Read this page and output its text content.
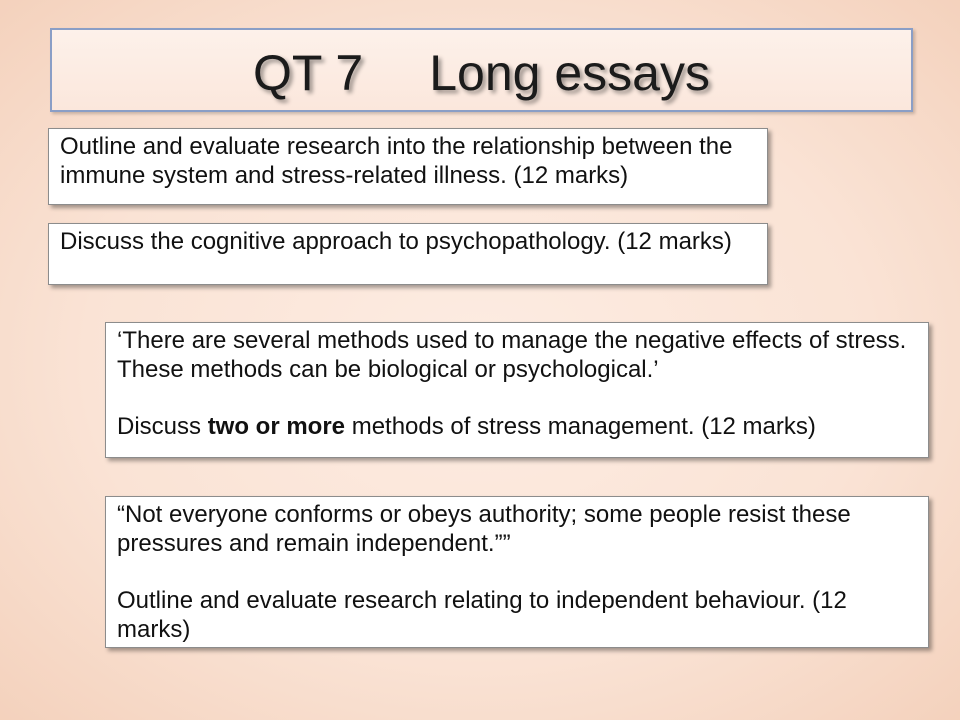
QT 7 Long essays
Outline and evaluate research into the relationship between the
immune system and stress-related illness. (12 marks)
Discuss the cognitive approach to psychopathology. (12 marks)
‘There are several methods used to manage the negative effects of stress.
These methods can be biological or psychological.’
Discuss two or more methods of stress management. (12 marks)
“Not everyone conforms or obeys authority; some people resist these
pressures and remain independent.””
Outline and evaluate research relating to independent behaviour. (12
marks)
